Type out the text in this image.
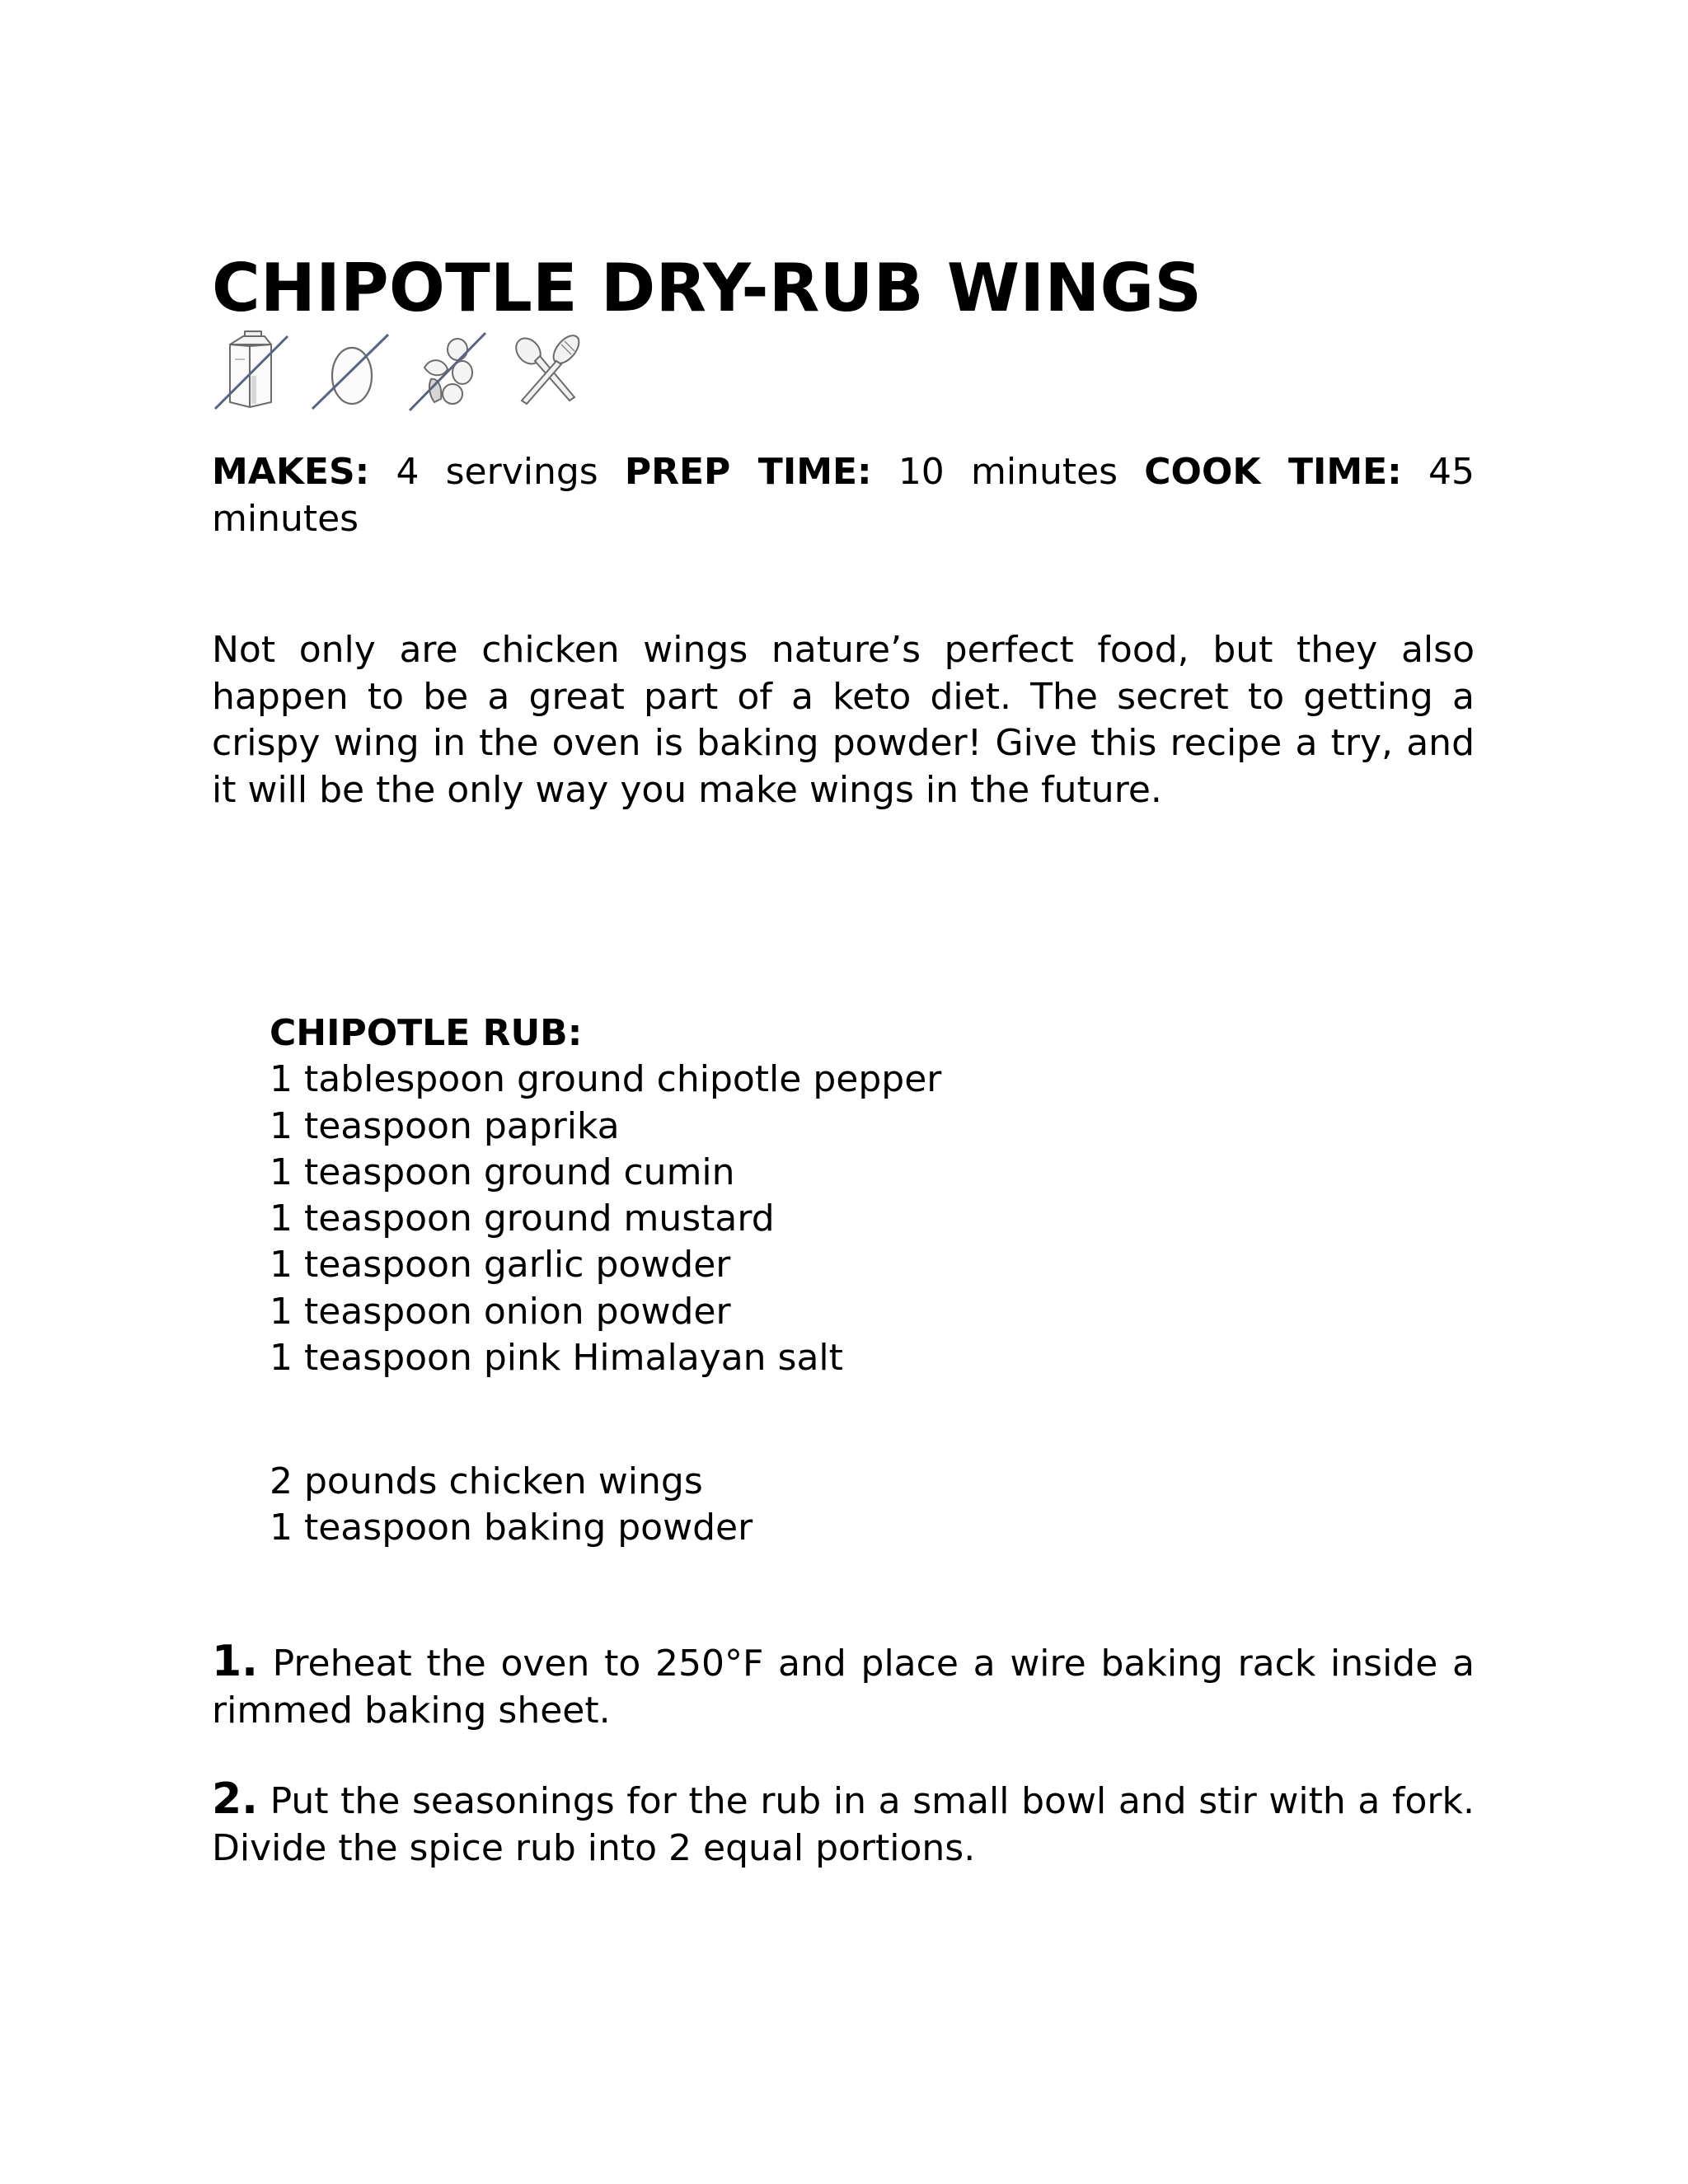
CHIPOTLE DRY-RUB WINGS

MAKES: 4 servings PREP TIME: 10 minutes COOK TIME: 45 minutes

Not only are chicken wings nature’s perfect food, but they also happen to be a great part of a keto diet. The secret to getting a crispy wing in the oven is baking powder! Give this recipe a try, and it will be the only way you make wings in the future.

CHIPOTLE RUB:
1 tablespoon ground chipotle pepper
1 teaspoon paprika
1 teaspoon ground cumin
1 teaspoon ground mustard
1 teaspoon garlic powder
1 teaspoon onion powder
1 teaspoon pink Himalayan salt
2 pounds chicken wings
1 teaspoon baking powder

1. Preheat the oven to 250°F and place a wire baking rack inside a rimmed baking sheet.

2. Put the seasonings for the rub in a small bowl and stir with a fork. Divide the spice rub into 2 equal portions.
